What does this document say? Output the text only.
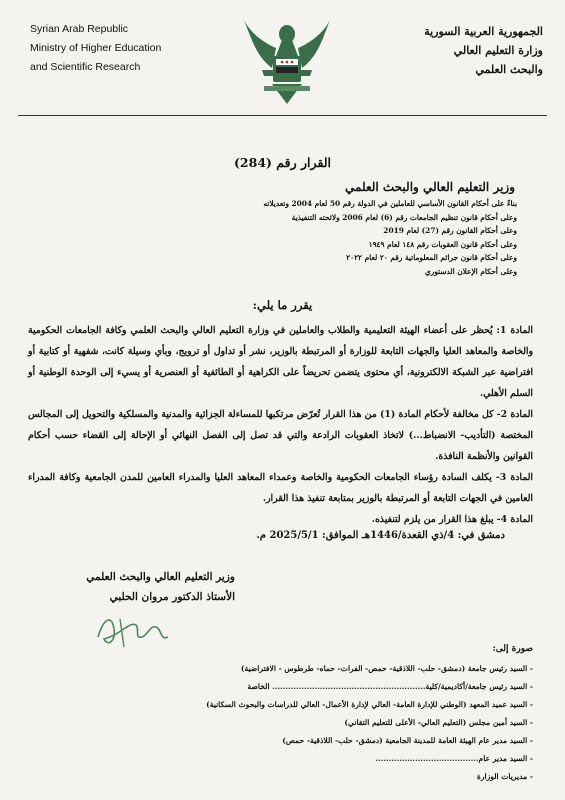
Syrian Arab Republic
Ministry of Higher Education
and Scientific Research
الجمهورية العربية السورية
وزارة التعليم العالي
والبحث العلمي
القرار رقم (284)
وزير التعليم العالي والبحث العلمي
بناءً على أحكام القانون الأساسي للعاملين في الدولة رقم 50 لعام 2004 وتعديلاته
وعلى أحكام قانون تنظيم الجامعات رقم (6) لعام 2006 ولائحته التنفيذية
وعلى أحكام القانون رقم (27) لعام 2019
وعلى أحكام قانون العقوبات رقم ١٤٨ لعام ١٩٤٩
وعلى أحكام قانون جرائم المعلوماتية رقم ٢٠ لعام ٢٠٢٢
وعلى أحكام الإعلان الدستوري
يقرر ما يلي:
المادة 1: يُحظر على أعضاء الهيئة التعليمية والطلاب والعاملين في وزارة التعليم العالي والبحث العلمي وكافة الجامعات الحكومية والخاصة والمعاهد العليا والجهات التابعة للوزارة أو المرتبطة بالوزير، نشر أو تداول أو ترويج، وبأي وسيلة كانت، شفهية أو كتابية أو افتراضية عبر الشبكة الالكترونية، أي محتوى يتضمن تحريضاً على الكراهية أو الطائفية أو العنصرية أو يسيء إلى الوحدة الوطنية أو السلم الأهلي.
المادة 2- كل مخالفة لأحكام المادة (1) من هذا القرار تُعرّض مرتكبها للمساءلة الجزائية والمدنية والمسلكية والتحويل إلى المجالس المختصة (التأديب- الانضباط...) لاتخاذ العقوبات الرادعة والتي قد تصل إلى الفصل النهائي أو الإحالة إلى القضاء حسب أحكام القوانين والأنظمة النافذة.
المادة 3- يكلف السادة رؤساء الجامعات الحكومية والخاصة وعمداء المعاهد العليا والمدراء العامين للمدن الجامعية وكافة المدراء العامين في الجهات التابعة أو المرتبطة بالوزير بمتابعة تنفيذ هذا القرار.
المادة 4- يبلغ هذا القرار من يلزم لتنفيذه.
دمشق في: 4/ذي القعدة/1446هـ الموافق: 2025/5/1 م.
وزير التعليم العالي والبحث العلمي
الأستاذ الدكتور مروان الحلبي
صورة إلى:
- السيد رئيس جامعة (دمشق- حلب- اللاذقية- حمص- الفرات- حماه- طرطوس - الافتراضية)
- السيد رئيس جامعة/أكاديمية/كلية.......................................................... الخاصة
- السيد عميد المعهد (الوطني للإدارة العامة- العالي لإدارة الأعمال- العالي للدراسات والبحوث السكانية)
- السيد أمين مجلس (التعليم العالي- الأعلى للتعليم التقاني)
- السيد مدير عام الهيئة العامة للمدينة الجامعية (دمشق- حلب- اللاذقية- حمص)
- السيد مدير عام.......................................
- مديريات الوزارة
